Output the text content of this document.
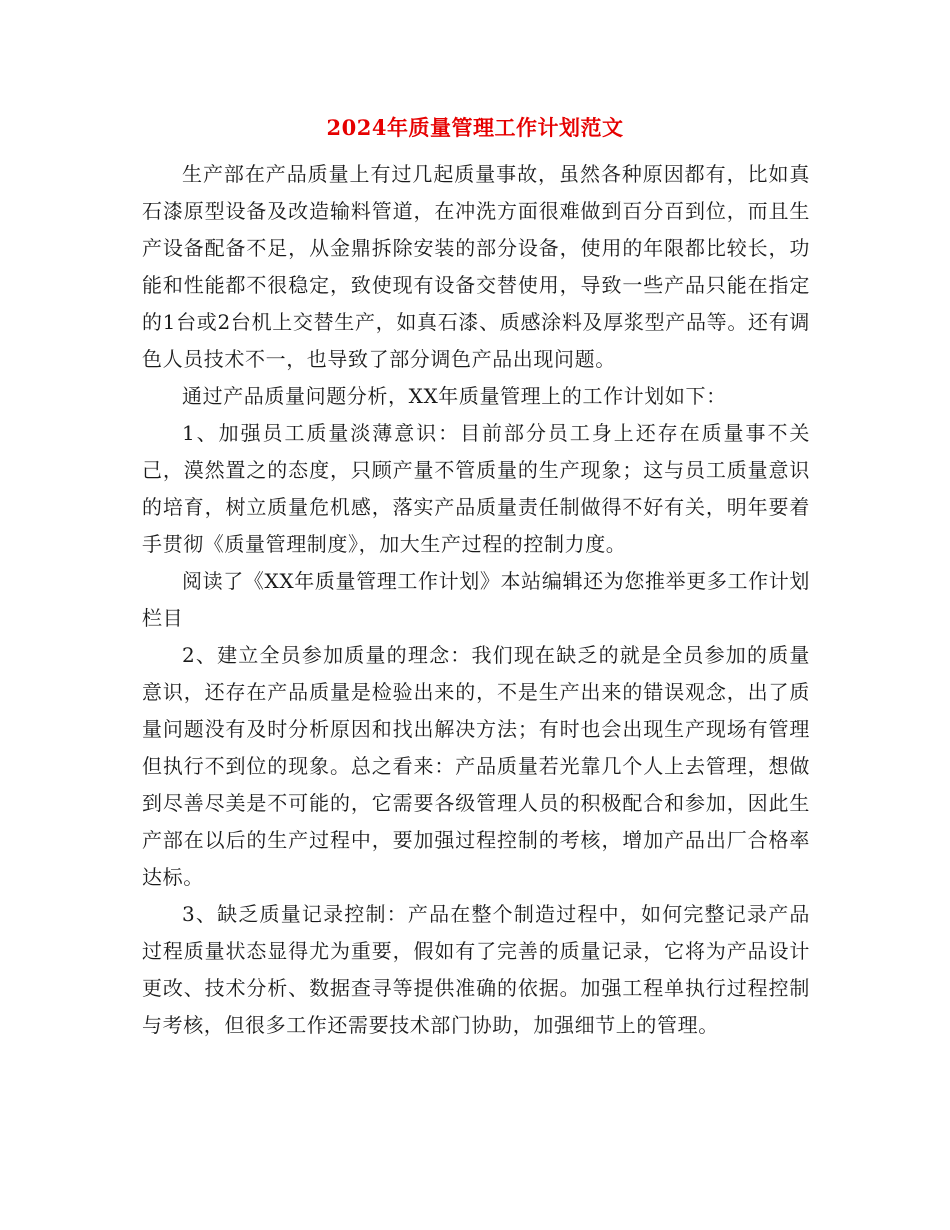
2024年质量管理工作计划范文

生产部在产品质量上有过几起质量事故，虽然各种原因都有，比如真石漆原型设备及改造输料管道，在冲洗方面很难做到百分百到位，而且生产设备配备不足，从金鼎拆除安装的部分设备，使用的年限都比较长，功能和性能都不很稳定，致使现有设备交替使用，导致一些产品只能在指定的1台或2台机上交替生产，如真石漆、质感涂料及厚浆型产品等。还有调色人员技术不一，也导致了部分调色产品出现问题。

通过产品质量问题分析，XX年质量管理上的工作计划如下：

1、加强员工质量淡薄意识：目前部分员工身上还存在质量事不关己，漠然置之的态度，只顾产量不管质量的生产现象；这与员工质量意识的培育，树立质量危机感，落实产品质量责任制做得不好有关，明年要着手贯彻《质量管理制度》，加大生产过程的控制力度。

阅读了《XX年质量管理工作计划》本站编辑还为您推举更多工作计划栏目

2、建立全员参加质量的理念：我们现在缺乏的就是全员参加的质量意识，还存在产品质量是检验出来的，不是生产出来的错误观念，出了质量问题没有及时分析原因和找出解决方法；有时也会出现生产现场有管理但执行不到位的现象。总之看来：产品质量若光靠几个人上去管理，想做到尽善尽美是不可能的，它需要各级管理人员的积极配合和参加，因此生产部在以后的生产过程中，要加强过程控制的考核，增加产品出厂合格率达标。

3、缺乏质量记录控制：产品在整个制造过程中，如何完整记录产品过程质量状态显得尤为重要，假如有了完善的质量记录，它将为产品设计更改、技术分析、数据查寻等提供准确的依据。加强工程单执行过程控制与考核，但很多工作还需要技术部门协助，加强细节上的管理。
